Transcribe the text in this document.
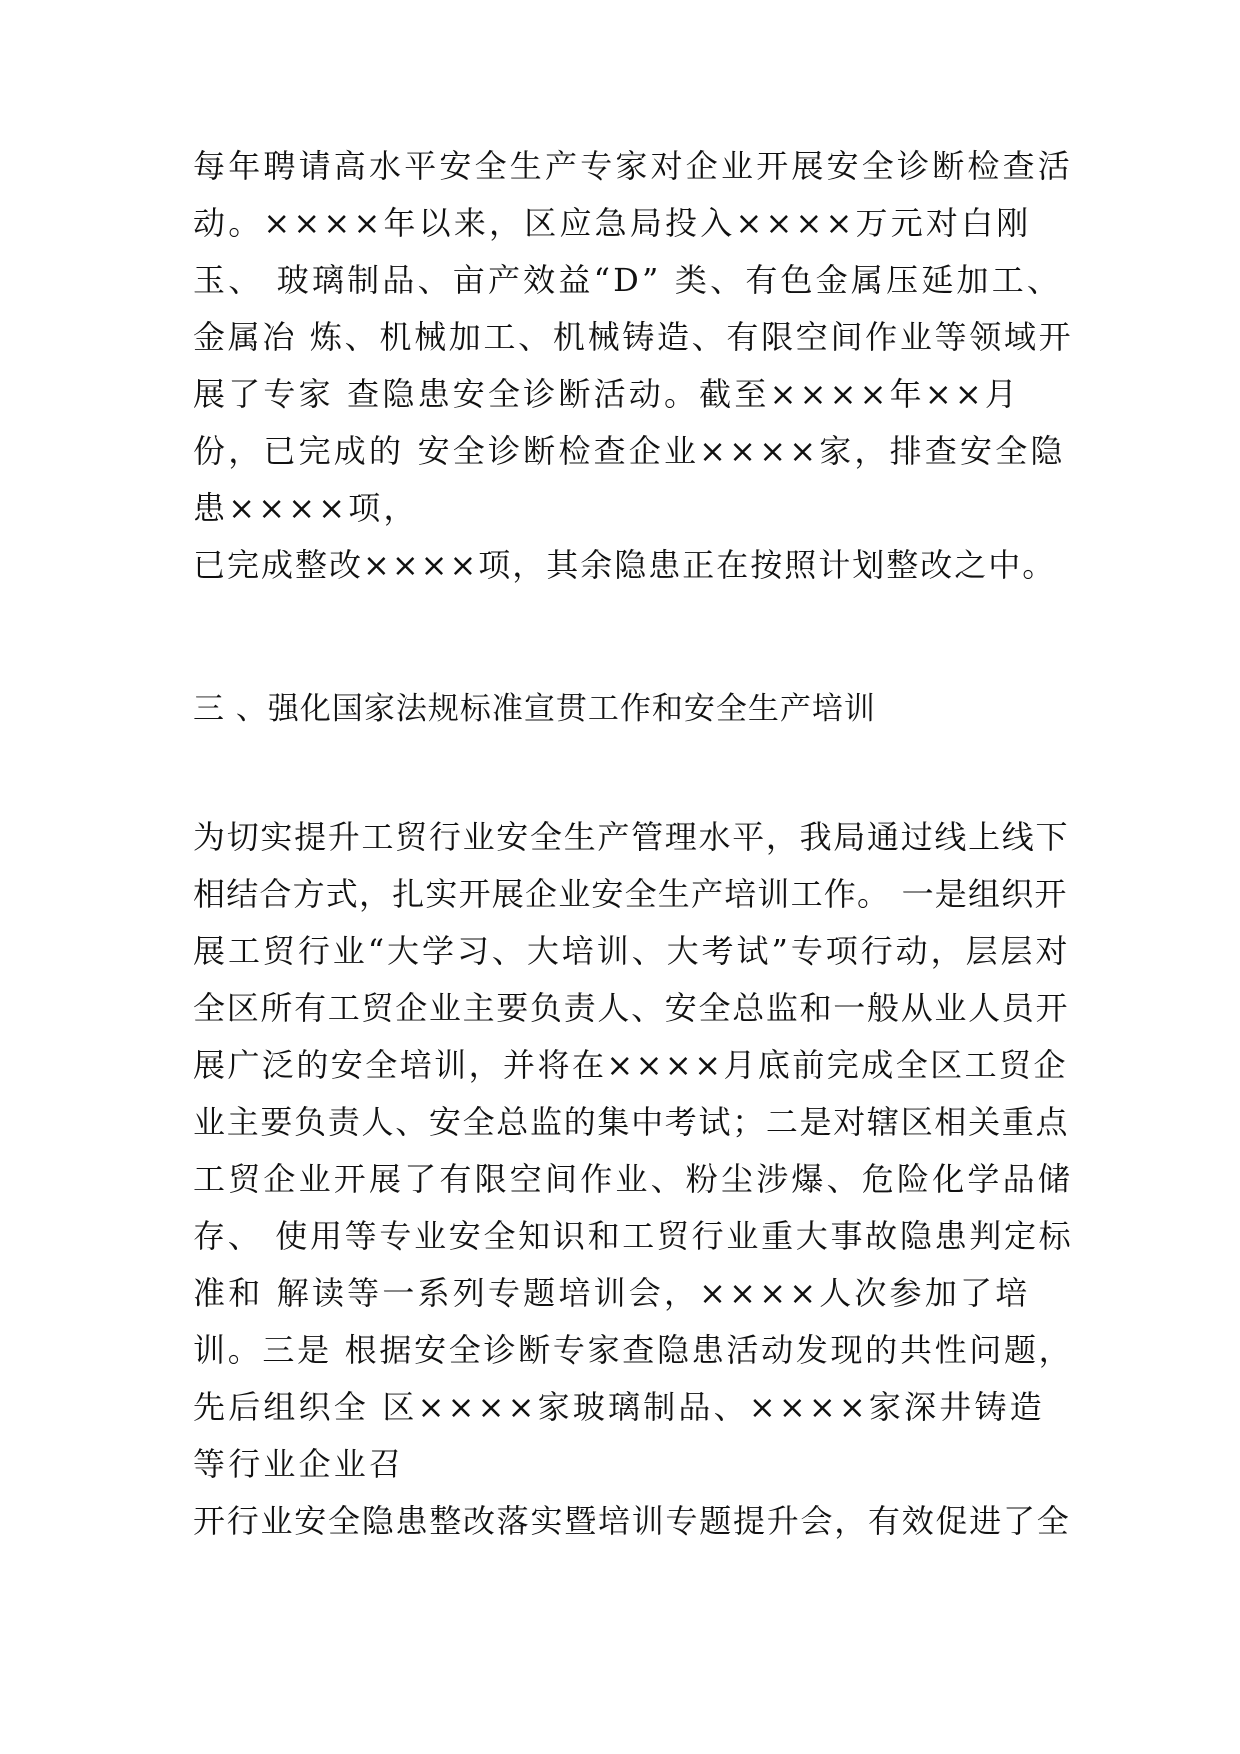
每年聘请高水平安全生产专家对企业开展安全诊断检查活
动。××××年以来，区应急局投入××××万元对白刚
玉、 玻璃制品、亩产效益“D” 类、有色金属压延加工、
金属冶 炼、机械加工、机械铸造、有限空间作业等领域开
展了专家 查隐患安全诊断活动。截至××××年××月
份，已完成的 安全诊断检查企业××××家，排查安全隐
患××××项，
已完成整改××××项，其余隐患正在按照计划整改之中。
三 、强化国家法规标准宣贯工作和安全生产培训
为切实提升工贸行业安全生产管理水平，我局通过线上线下
相结合方式，扎实开展企业安全生产培训工作。 一是组织开
展工贸行业“大学习、大培训、大考试”专项行动，层层对
全区所有工贸企业主要负责人、安全总监和一般从业人员开
展广泛的安全培训，并将在××××月底前完成全区工贸企
业主要负责人、安全总监的集中考试；二是对辖区相关重点
工贸企业开展了有限空间作业、粉尘涉爆、危险化学品储
存、 使用等专业安全知识和工贸行业重大事故隐患判定标
准和 解读等一系列专题培训会，××××人次参加了培
训。三是 根据安全诊断专家查隐患活动发现的共性问题，
先后组织全 区××××家玻璃制品、××××家深井铸造
等行业企业召
开行业安全隐患整改落实暨培训专题提升会，有效促进了全
